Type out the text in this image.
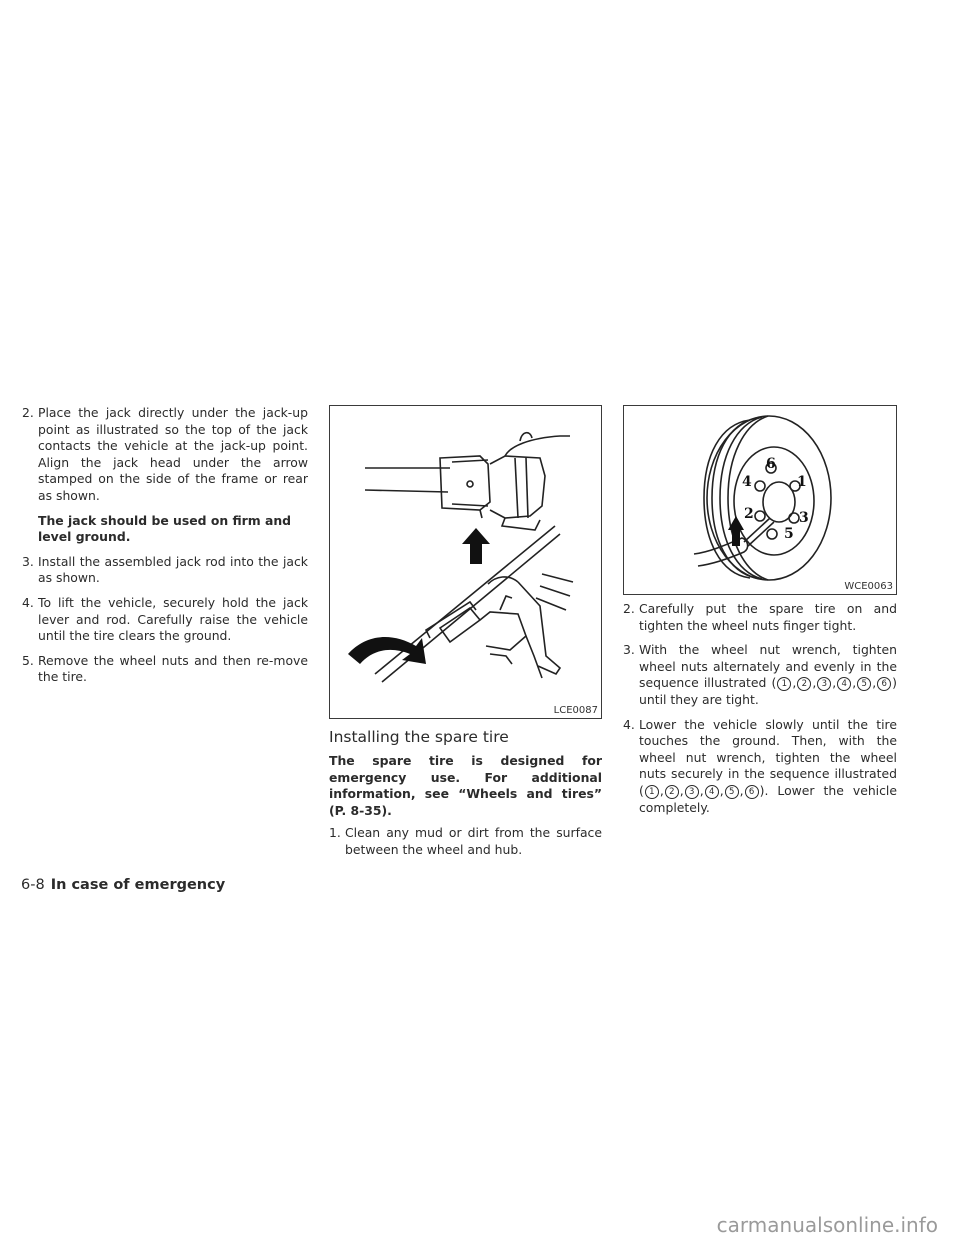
2. Place the jack directly under the jack-up point as illustrated so the top of the jack contacts the vehicle at the jack-up point. Align the jack head under the arrow stamped on the side of the frame or rear as shown.

The jack should be used on firm and level ground.

3. Install the assembled jack rod into the jack as shown.

4. To lift the vehicle, securely hold the jack lever and rod. Carefully raise the vehicle until the tire clears the ground.

5. Remove the wheel nuts and then re-move the tire.

LCE0087
Installing the spare tire

The spare tire is designed for emergency use. For additional information, see “Wheels and tires” (P. 8-35).

1. Clean any mud or dirt from the surface between the wheel and hub.

1
2	3
4
5
6
WCE0063

2. Carefully put the spare tire on and tighten the wheel nuts finger tight.

3. With the wheel nut wrench, tighten wheel nuts alternately and evenly in the sequence illustrated ( 1 , 2 , 3 , 4 , 5 , 6 ) until they are tight.

4. Lower the vehicle slowly until the tire touches the ground. Then, with the wheel nut wrench, tighten the wheel nuts securely in the sequence illustrated ( 1 , 2 , 3 , 4 , 5 , 6 ). Lower the vehicle completely.

6-8 In case of emergency
carmanualsonline.info
